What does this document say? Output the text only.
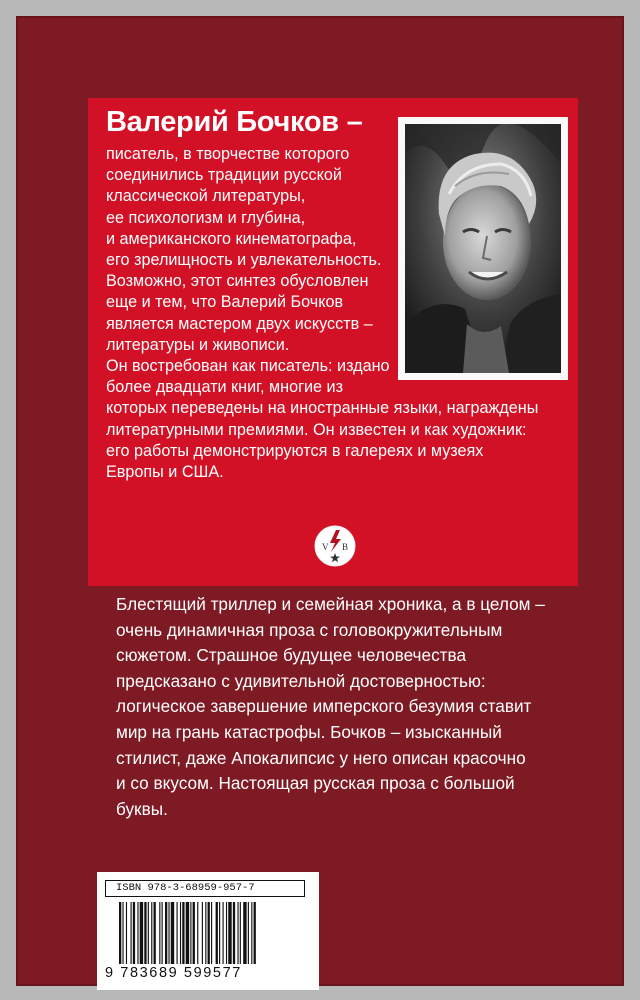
Валерий Бочков –
писатель, в творчестве которого
соединились традиции русской
классической литературы,
ее психологизм и глубина,
и американского кинематографа,
его зрелищность и увлекательность.
Возможно, этот синтез обусловлен
еще и тем, что Валерий Бочков
является мастером двух искусств –
литературы и живописи.
Он востребован как писатель: издано
более двадцати книг, многие из
которых переведены на иностранные языки, награждены
литературными премиями. Он известен и как художник:
его работы демонстрируются в галереях и музеях
Европы и США.
V B
Блестящий триллер и семейная хроника, а в целом –
очень динамичная проза с головокружительным
сюжетом. Страшное будущее человечества
предсказано с удивительной достоверностью:
логическое завершение имперского безумия ставит
мир на грань катастрофы. Бочков – изысканный
стилист, даже Апокалипсис у него описан красочно
и со вкусом. Настоящая русская проза с большой
буквы.
ISBN 978-3-68959-957-7
9 783689 599577
